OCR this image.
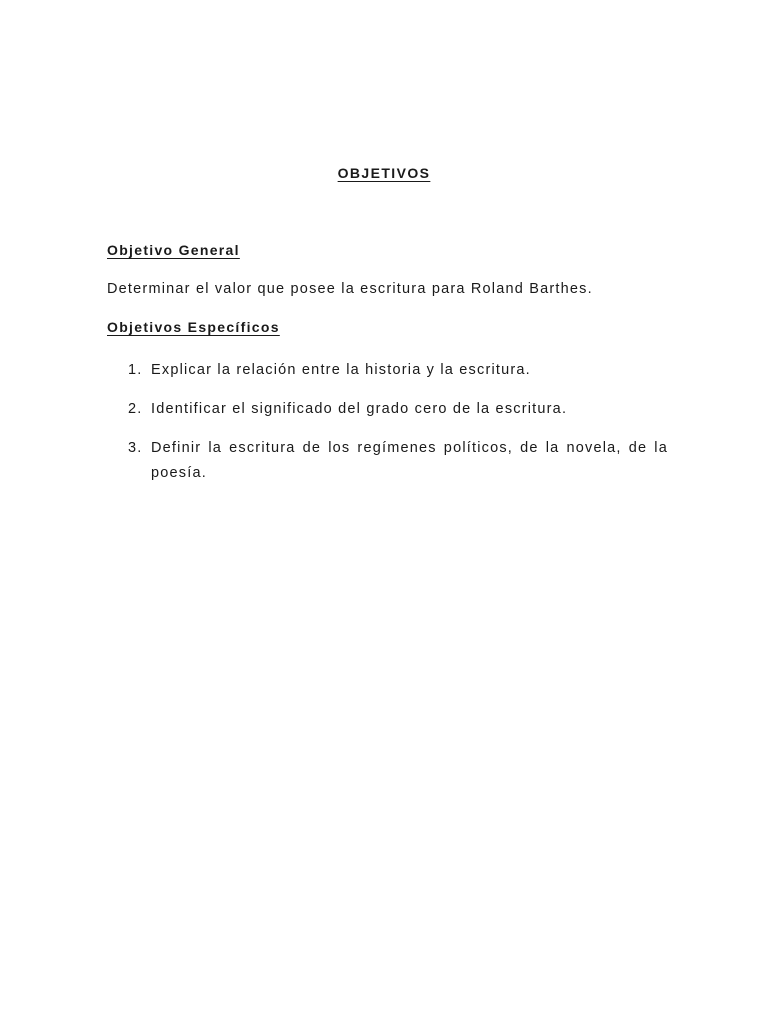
OBJETIVOS
Objetivo General

Determinar el valor que posee la escritura para Roland Barthes.

Objetivos Específicos
1. Explicar la relación entre la historia y la escritura.
2. Identificar el significado del grado cero de la escritura.
3. Definir la escritura de los regímenes políticos, de la novela, de la poesía.
